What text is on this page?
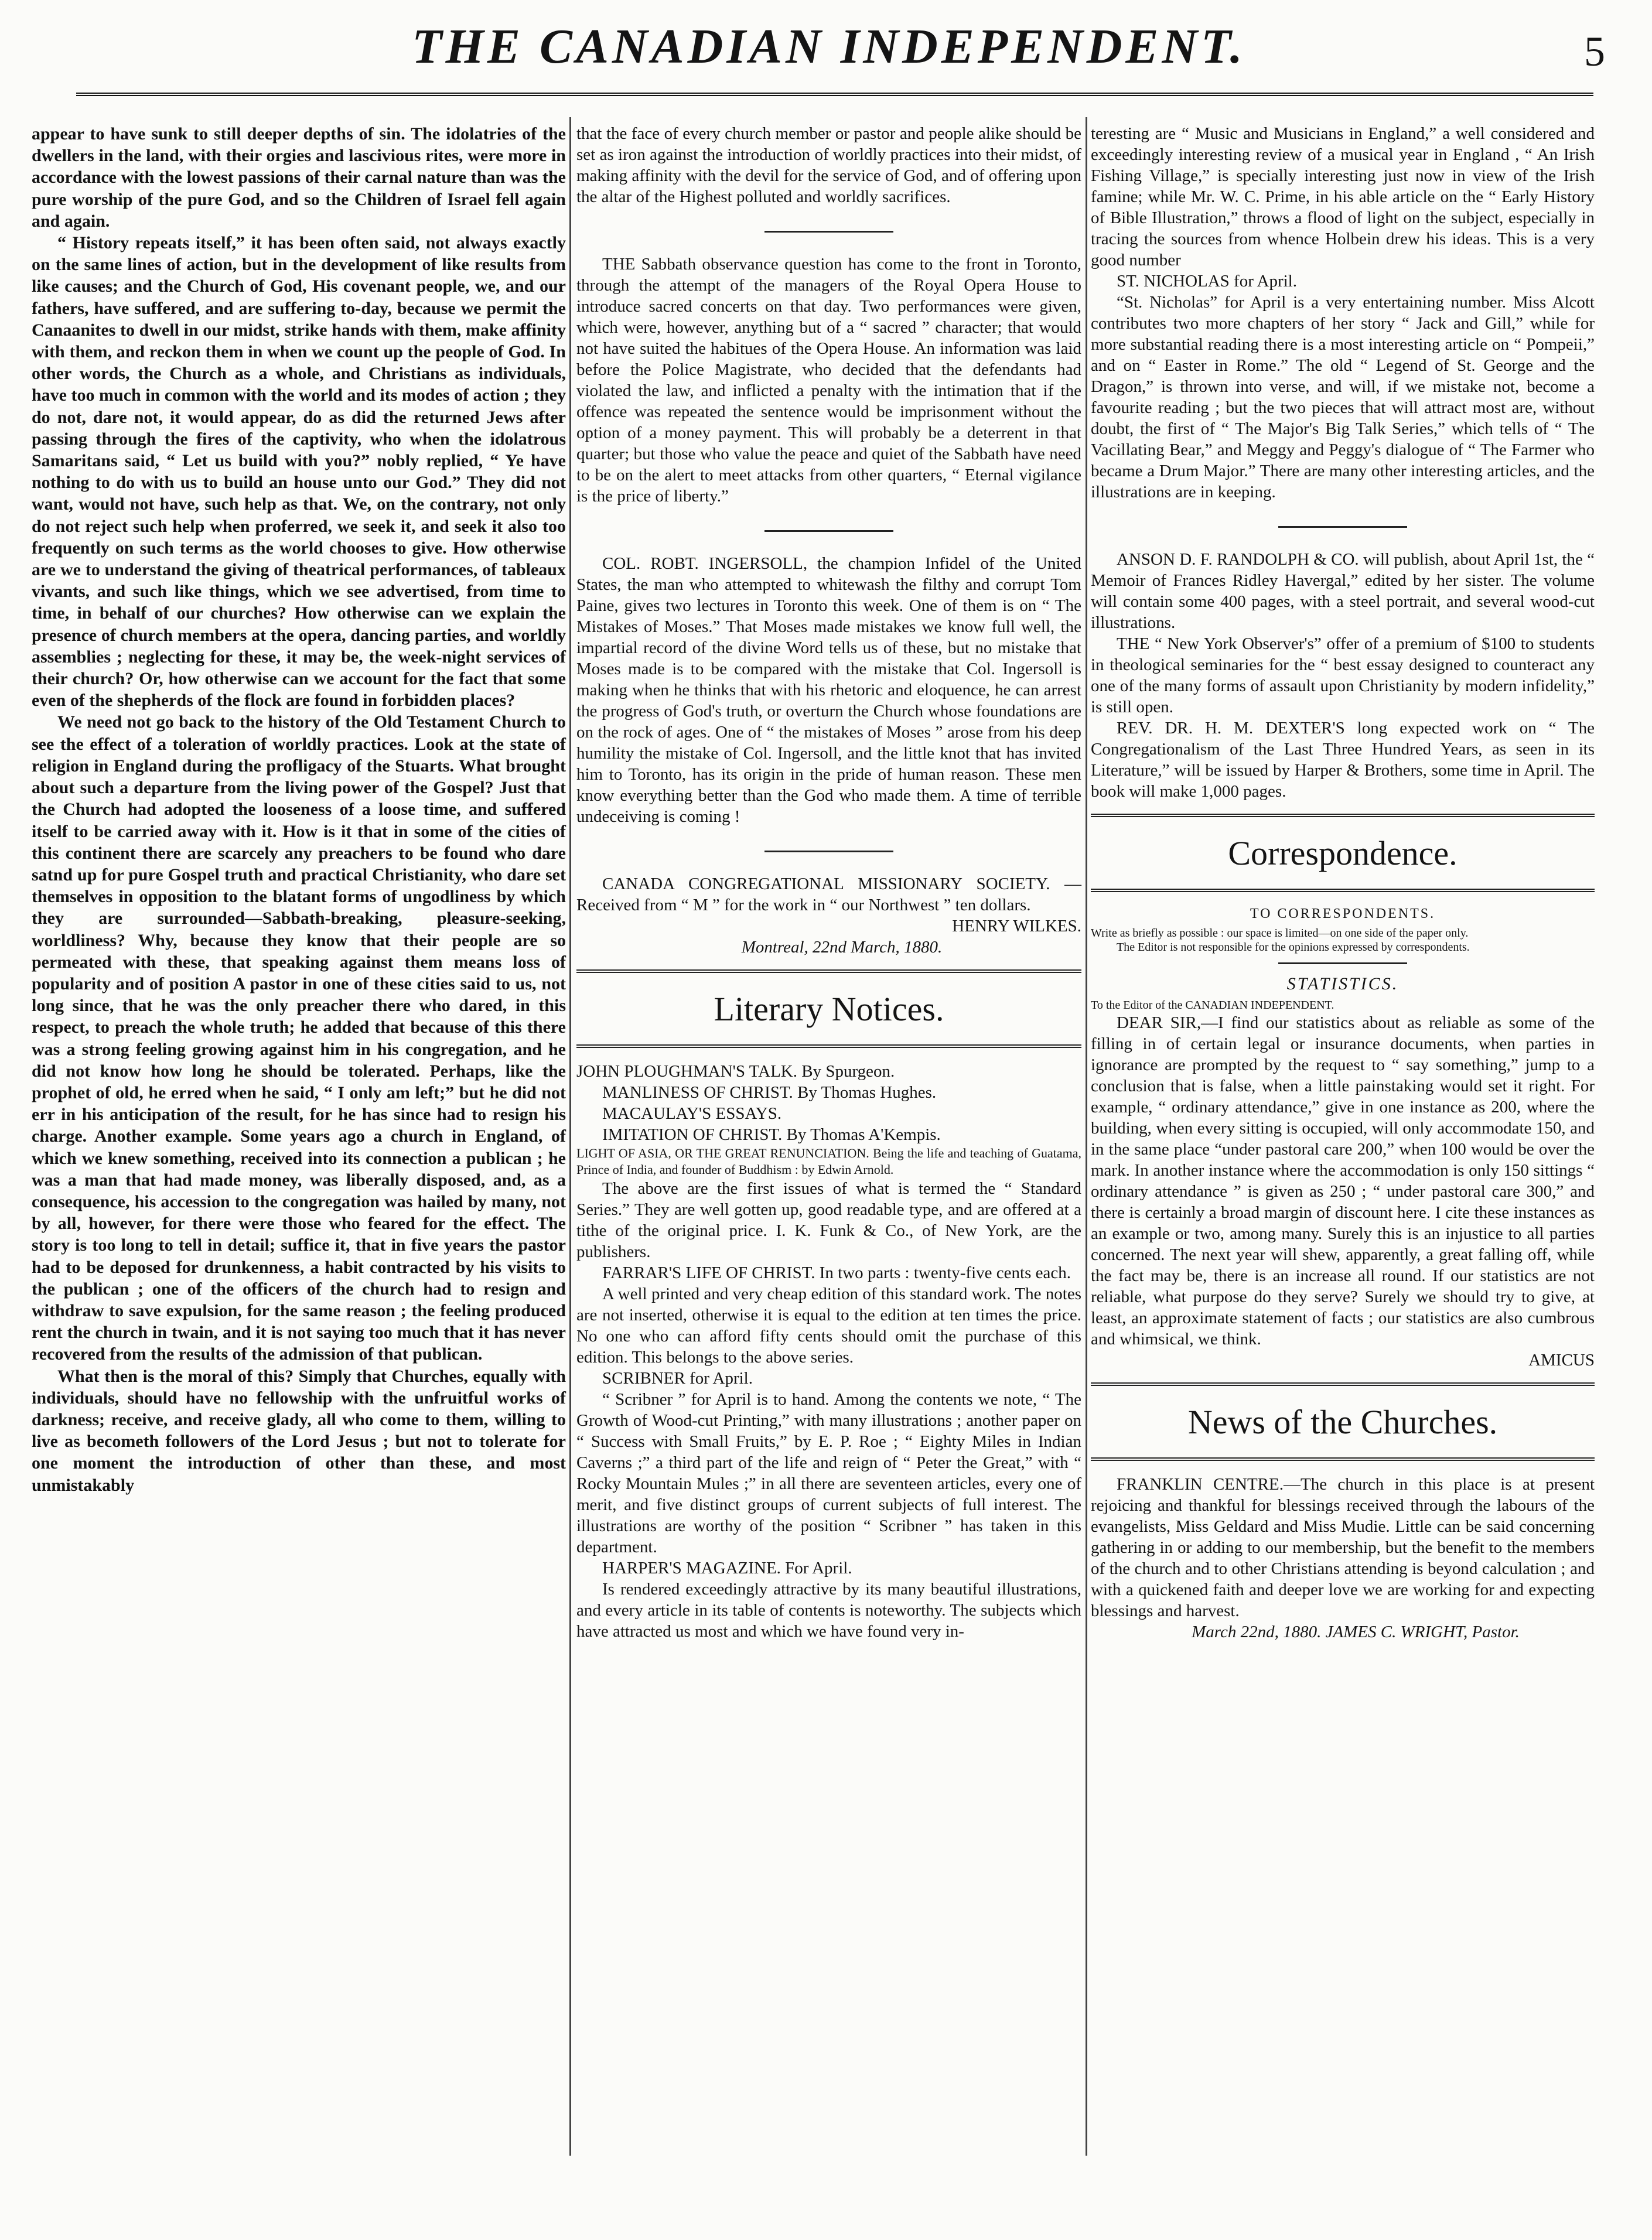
THE CANADIAN INDEPENDENT.	5

appear to have sunk to still deeper depths of sin. The idolatries of the dwellers in the land, with their orgies and lascivious rites, were more in accordance with the lowest passions of their carnal nature than was the pure worship of the pure God, and so the Children of Israel fell again and again.

“ History repeats itself,” it has been often said, not always exactly on the same lines of action, but in the development of like results from like causes; and the Church of God, His covenant people, we, and our fathers, have suffered, and are suffering to-day, because we permit the Canaanites to dwell in our midst, strike hands with them, make affinity with them, and reckon them in when we count up the people of God. In other words, the Church as a whole, and Christians as individuals, have too much in common with the world and its modes of action ; they do not, dare not, it would appear, do as did the returned Jews after passing through the fires of the captivity, who when the idolatrous Samaritans said, “ Let us build with you?” nobly replied, “ Ye have nothing to do with us to build an house unto our God.” They did not want, would not have, such help as that. We, on the contrary, not only do not reject such help when proferred, we seek it, and seek it also too frequently on such terms as the world chooses to give. How otherwise are we to understand the giving of theatrical performances, of tableaux vivants, and such like things, which we see advertised, from time to time, in behalf of our churches? How otherwise can we explain the presence of church members at the opera, dancing parties, and worldly assemblies ; neglecting for these, it may be, the week-night services of their church? Or, how otherwise can we account for the fact that some even of the shepherds of the flock are found in forbidden places?

We need not go back to the history of the Old Testament Church to see the effect of a toleration of worldly practices. Look at the state of religion in England during the profligacy of the Stuarts. What brought about such a departure from the living power of the Gospel? Just that the Church had adopted the looseness of a loose time, and suffered itself to be carried away with it. How is it that in some of the cities of this continent there are scarcely any preachers to be found who dare satnd up for pure Gospel truth and practical Christianity, who dare set themselves in opposition to the blatant forms of ungodliness by which they are surrounded—Sabbath-breaking, pleasure-seeking, worldliness? Why, because they know that their people are so permeated with these, that speaking against them means loss of popularity and of position A pastor in one of these cities said to us, not long since, that he was the only preacher there who dared, in this respect, to preach the whole truth; he added that because of this there was a strong feeling growing against him in his congregation, and he did not know how long he should be tolerated. Perhaps, like the prophet of old, he erred when he said, “ I only am left;” but he did not err in his anticipation of the result, for he has since had to resign his charge. Another example. Some years ago a church in England, of which we knew something, received into its connection a publican ; he was a man that had made money, was liberally disposed, and, as a consequence, his accession to the congregation was hailed by many, not by all, however, for there were those who feared for the effect. The story is too long to tell in detail; suffice it, that in five years the pastor had to be deposed for drunkenness, a habit contracted by his visits to the publican ; one of the officers of the church had to resign and withdraw to save expulsion, for the same reason ; the feeling produced rent the church in twain, and it is not saying too much that it has never recovered from the results of the admission of that publican.

What then is the moral of this? Simply that Churches, equally with individuals, should have no fellowship with the unfruitful works of darkness; receive, and receive glady, all who come to them, willing to live as becometh followers of the Lord Jesus ; but not to tolerate for one moment the introduction of other than these, and most unmistakably

that the face of every church member or pastor and people alike should be set as iron against the introduction of worldly practices into their midst, of making affinity with the devil for the service of God, and of offering upon the altar of the Highest polluted and worldly sacrifices.

THE Sabbath observance question has come to the front in Toronto, through the attempt of the managers of the Royal Opera House to introduce sacred concerts on that day. Two performances were given, which were, however, anything but of a “ sacred ” character; that would not have suited the habitues of the Opera House. An information was laid before the Police Magistrate, who decided that the defendants had violated the law, and inflicted a penalty with the intimation that if the offence was repeated the sentence would be imprisonment without the option of a money payment. This will probably be a deterrent in that quarter; but those who value the peace and quiet of the Sabbath have need to be on the alert to meet attacks from other quarters, “ Eternal vigilance is the price of liberty.”

COL. ROBT. INGERSOLL, the champion Infidel of the United States, the man who attempted to whitewash the filthy and corrupt Tom Paine, gives two lectures in Toronto this week. One of them is on “ The Mistakes of Moses.” That Moses made mistakes we know full well, the impartial record of the divine Word tells us of these, but no mistake that Moses made is to be compared with the mistake that Col. Ingersoll is making when he thinks that with his rhetoric and eloquence, he can arrest the progress of God's truth, or overturn the Church whose foundations are on the rock of ages. One of “ the mistakes of Moses ” arose from his deep humility the mistake of Col. Ingersoll, and the little knot that has invited him to Toronto, has its origin in the pride of human reason. These men know everything better than the God who made them. A time of terrible undeceiving is coming !

CANADA CONGREGATIONAL MISSIONARY SOCIETY. —Received from “ M ” for the work in “ our Northwest ” ten dollars.

HENRY WILKES.

Montreal, 22nd March, 1880.

Literary Notices.

JOHN PLOUGHMAN'S TALK. By Spurgeon.

MANLINESS OF CHRIST. By Thomas Hughes.

MACAULAY'S ESSAYS.

IMITATION OF CHRIST. By Thomas A'Kempis.

LIGHT OF ASIA, OR THE GREAT RENUNCIATION. Being the life and teaching of Guatama, Prince of India, and founder of Buddhism : by Edwin Arnold.

The above are the first issues of what is termed the “ Standard Series.” They are well gotten up, good readable type, and are offered at a tithe of the original price. I. K. Funk & Co., of New York, are the publishers.

FARRAR'S LIFE OF CHRIST. In two parts : twenty-five cents each.

A well printed and very cheap edition of this standard work. The notes are not inserted, otherwise it is equal to the edition at ten times the price. No one who can afford fifty cents should omit the purchase of this edition. This belongs to the above series.

SCRIBNER for April.

“ Scribner ” for April is to hand. Among the contents we note, “ The Growth of Wood-cut Printing,” with many illustrations ; another paper on “ Success with Small Fruits,” by E. P. Roe ; “ Eighty Miles in Indian Caverns ;” a third part of the life and reign of “ Peter the Great,” with “ Rocky Mountain Mules ;” in all there are seventeen articles, every one of merit, and five distinct groups of current subjects of full interest. The illustrations are worthy of the position “ Scribner ” has taken in this department.

HARPER'S MAGAZINE. For April.

Is rendered exceedingly attractive by its many beautiful illustrations, and every article in its table of contents is noteworthy. The subjects which have attracted us most and which we have found very in-

teresting are “ Music and Musicians in England,” a well considered and exceedingly interesting review of a musical year in England , “ An Irish Fishing Village,” is specially interesting just now in view of the Irish famine; while Mr. W. C. Prime, in his able article on the “ Early History of Bible Illustration,” throws a flood of light on the subject, especially in tracing the sources from whence Holbein drew his ideas. This is a very good number

ST. NICHOLAS for April.

“St. Nicholas” for April is a very entertaining number. Miss Alcott contributes two more chapters of her story “ Jack and Gill,” while for more substantial reading there is a most interesting article on “ Pompeii,” and on “ Easter in Rome.” The old “ Legend of St. George and the Dragon,” is thrown into verse, and will, if we mistake not, become a favourite reading ; but the two pieces that will attract most are, without doubt, the first of “ The Major's Big Talk Series,” which tells of “ The Vacillating Bear,” and Meggy and Peggy's dialogue of “ The Farmer who became a Drum Major.” There are many other interesting articles, and the illustrations are in keeping.

ANSON D. F. RANDOLPH & CO. will publish, about April 1st, the “ Memoir of Frances Ridley Havergal,” edited by her sister. The volume will contain some 400 pages, with a steel portrait, and several wood-cut illustrations.

THE “ New York Observer's” offer of a premium of $100 to students in theological seminaries for the “ best essay designed to counteract any one of the many forms of assault upon Christianity by modern infidelity,” is still open.

REV. DR. H. M. DEXTER'S long expected work on “ The Congregationalism of the Last Three Hundred Years, as seen in its Literature,” will be issued by Harper & Brothers, some time in April. The book will make 1,000 pages.

Correspondence.
TO CORRESPONDENTS.

Write as briefly as possible : our space is limited—on one side of the paper only.

The Editor is not responsible for the opinions expressed by correspondents.

STATISTICS.

To the Editor of the CANADIAN INDEPENDENT.

DEAR SIR,—I find our statistics about as reliable as some of the filling in of certain legal or insurance documents, when parties in ignorance are prompted by the request to “ say something,” jump to a conclusion that is false, when a little painstaking would set it right. For example, “ ordinary attendance,” give in one instance as 200, where the building, when every sitting is occupied, will only accommodate 150, and in the same place “under pastoral care 200,” when 100 would be over the mark. In another instance where the accommodation is only 150 sittings “ ordinary attendance ” is given as 250 ; “ under pastoral care 300,” and there is certainly a broad margin of discount here. I cite these instances as an example or two, among many. Surely this is an injustice to all parties concerned. The next year will shew, apparently, a great falling off, while the fact may be, there is an increase all round. If our statistics are not reliable, what purpose do they serve? Surely we should try to give, at least, an approximate statement of facts ; our statistics are also cumbrous and whimsical, we think.

AMICUS

News of the Churches.

FRANKLIN CENTRE.—The church in this place is at present rejoicing and thankful for blessings received through the labours of the evangelists, Miss Geldard and Miss Mudie. Little can be said concerning gathering in or adding to our membership, but the benefit to the members of the church and to other Christians attending is beyond calculation ; and with a quickened faith and deeper love we are working for and expecting blessings and harvest.

March 22nd, 1880. JAMES C. WRIGHT, Pastor.
